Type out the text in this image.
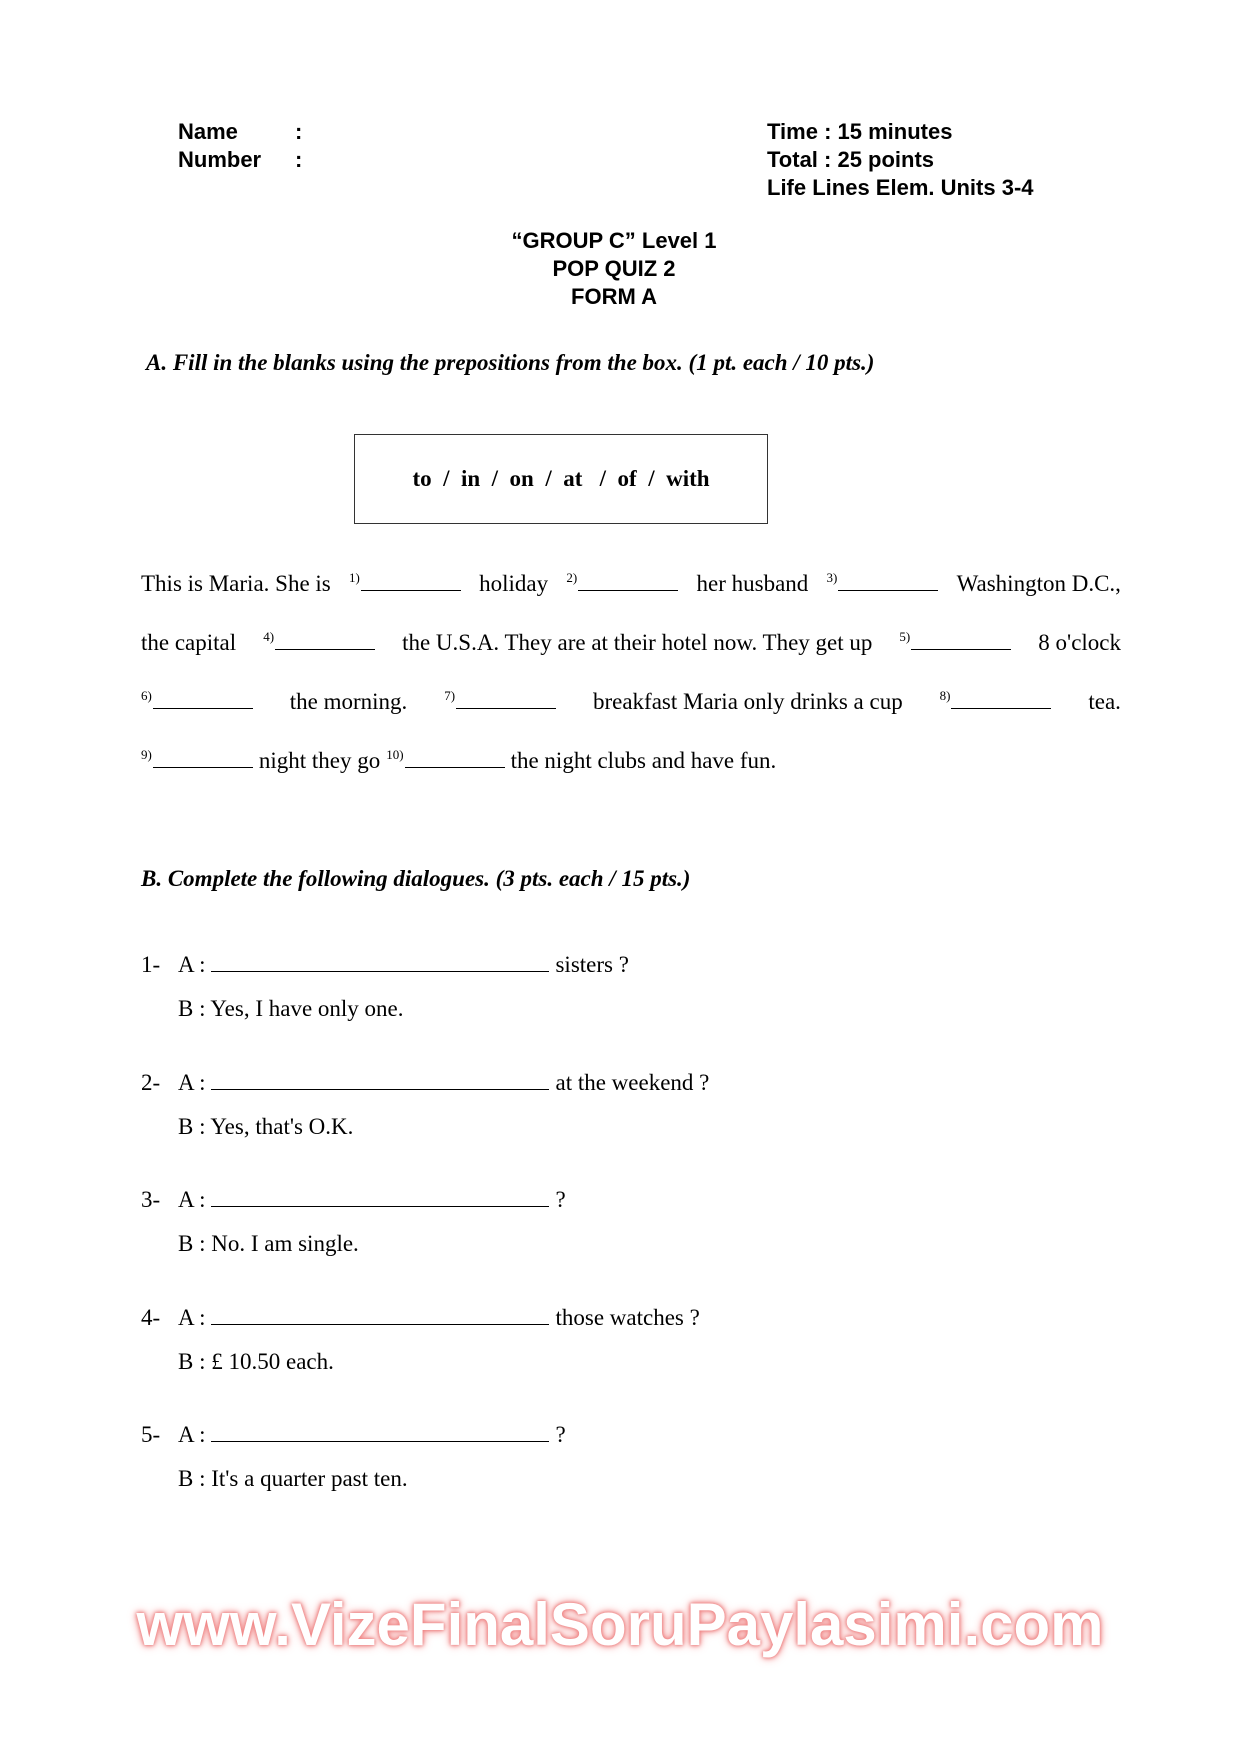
Name	:
Number :
Time : 15 minutes
Total : 25 points
Life Lines Elem. Units 3-4
“GROUP C” Level 1
POP QUIZ 2
FORM A
A. Fill in the blanks using the prepositions from the box. (1 pt. each / 10 pts.)
to  /  in  /  on  /  at   /  of  /  with
This is Maria. She is $^{1)}$	holiday $^{2)}$	her husband $^{3)}$	Washington D.C.,
the capital $^{4)}$	the U.S.A. They are at their hotel now. They get up $^{5)}$	8 o'clock
$^{6)}$	the morning.	$^{7)}$	breakfast Maria only drinks a cup	$^{8)}$	tea.
$^{9)}$	night they go $^{10)}$	the night clubs and have fun.
B. Complete the following dialogues. (3 pts. each / 15 pts.)
1- A :	sisters ?
B : Yes, I have only one.
2- A :	at the weekend ?
B : Yes, that's O.K.
3- A :	?
B : No. I am single.
4- A :	those watches ?
B : £ 10.50 each.
5- A :	?
B : It's a quarter past ten.
www.VizeFinalSoruPaylasimi.com
